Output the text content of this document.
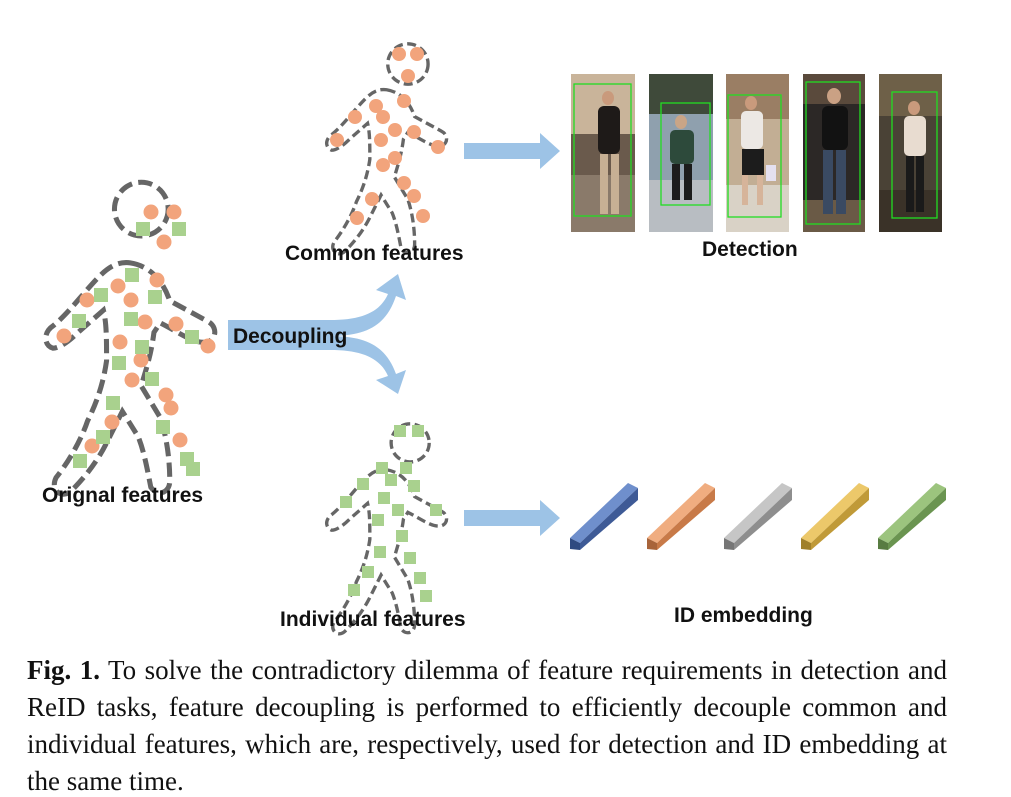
Orignal features
Decoupling
Common features
Individual features
Detection
ID embedding
Fig. 1. To solve the contradictory dilemma of feature requirements in detection and ReID tasks, feature decoupling is performed to efficiently decouple common and individual features, which are, respectively, used for detection and ID embedding at the same time.
